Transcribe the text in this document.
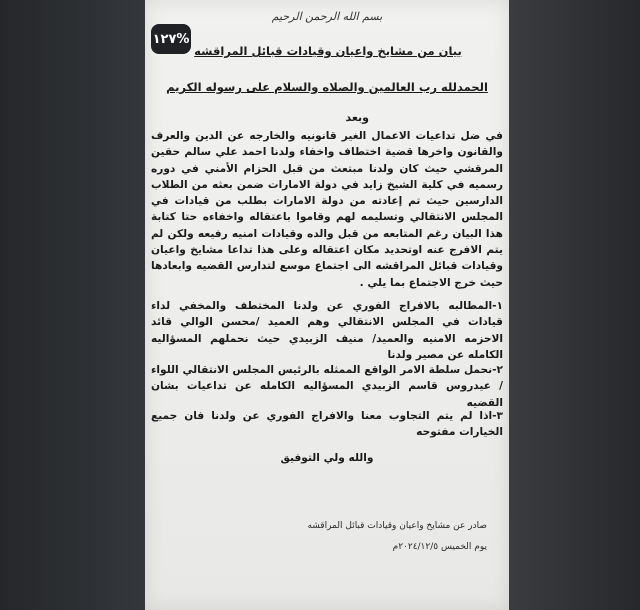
١٢٧%
بسم الله الرحمن الرحيم
بيان من مشايخ واعيان وقيادات قبائل المراقشه
الحمدلله رب العالمين والصلاه والسلام على رسوله الكريم
وبعد

في ضل تداعيات الاعمال الغير قانونيه والخارجه عن الدين والعرف والقانون واخرها قضية اختطاف واخفاء ولدنا احمد علي سالم حقين المرقشي حيث كان ولدنا مبتعث من قبل الحزام الأمني في دوره رسميه في كلية الشيخ زايد في دولة الامارات ضمن بعثه من الطلاب الدارسين حيث تم إعادته من دولة الامارات بطلب من قيادات في المجلس الانتقالي وتسليمه لهم وقاموا باعتقاله واخفاءه حتا كتابة هذا البيان رغم المتابعه من قبل والده وقيادات امنيه رفيعه ولكن لم يتم الافرج عنه اوتحديد مكان اعتقاله وعلى هذا تداعا مشايخ واعيان وقيادات قبائل المراقشه الى اجتماع موسع لتدارس القضيه وابعادها حيث خرج الاجتماع بما يلي .

١-المطالبه بالافراج الفوري عن ولدنا المختطف والمخفي لداء قيادات في المجلس الانتقالي وهم العميد /محسن الوالي قائد الاحزمه الامنيه والعميد/ منيف الزبيدي حيث نحملهم المسؤاليه الكامله عن مصير ولدنا

٢-نحمل سلطة الامر الواقع الممثله بالرئيس المجلس الانتقالي اللواء / عيدروس قاسم الزبيدي المسؤاليه الكامله عن تداعيات بشان القضيه

٣-اذا لم يتم التجاوب معنا والافراج الفوري عن ولدنا فان جميع الخيارات مفتوحه

والله ولي التوفيق
صادر عن مشايخ واعيان وقيادات قبائل المراقشه
يوم الخميس ٢٠٢٤/١٢/٥م
